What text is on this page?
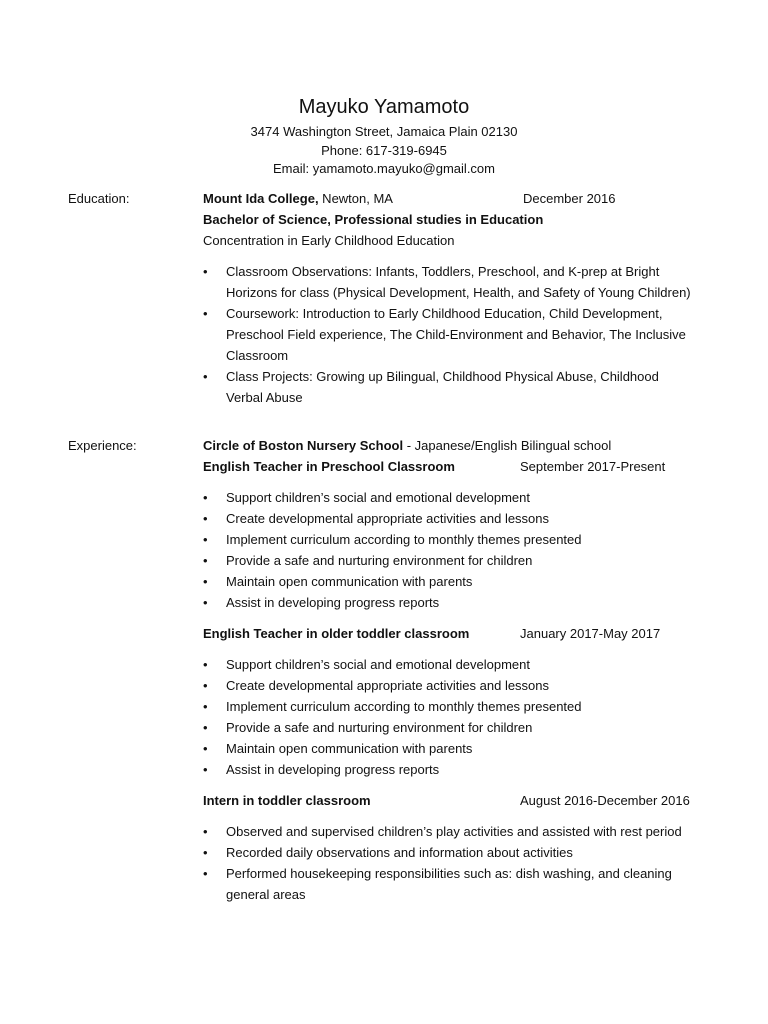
Mayuko Yamamoto
3474 Washington Street, Jamaica Plain 02130
Phone: 617-319-6945
Email: yamamoto.mayuko@gmail.com
Education:	Mount Ida College, Newton, MA	December 2016
Bachelor of Science, Professional studies in Education
Concentration in Early Childhood Education
• Classroom Observations: Infants, Toddlers, Preschool, and K-prep at Bright Horizons for class (Physical Development, Health, and Safety of Young Children)
• Coursework: Introduction to Early Childhood Education, Child Development, Preschool Field experience, The Child-Environment and Behavior, The Inclusive Classroom
• Class Projects: Growing up Bilingual, Childhood Physical Abuse, Childhood Verbal Abuse
Experience:	Circle of Boston Nursery School - Japanese/English Bilingual school
English Teacher in Preschool Classroom	September 2017-Present
• Support children’s social and emotional development
• Create developmental appropriate activities and lessons
• Implement curriculum according to monthly themes presented
• Provide a safe and nurturing environment for children
• Maintain open communication with parents
• Assist in developing progress reports
English Teacher in older toddler classroom	January 2017-May 2017
• Support children’s social and emotional development
• Create developmental appropriate activities and lessons
• Implement curriculum according to monthly themes presented
• Provide a safe and nurturing environment for children
• Maintain open communication with parents
• Assist in developing progress reports
Intern in toddler classroom	August 2016-December 2016
• Observed and supervised children’s play activities and assisted with rest period
• Recorded daily observations and information about activities
• Performed housekeeping responsibilities such as: dish washing, and cleaning general areas
